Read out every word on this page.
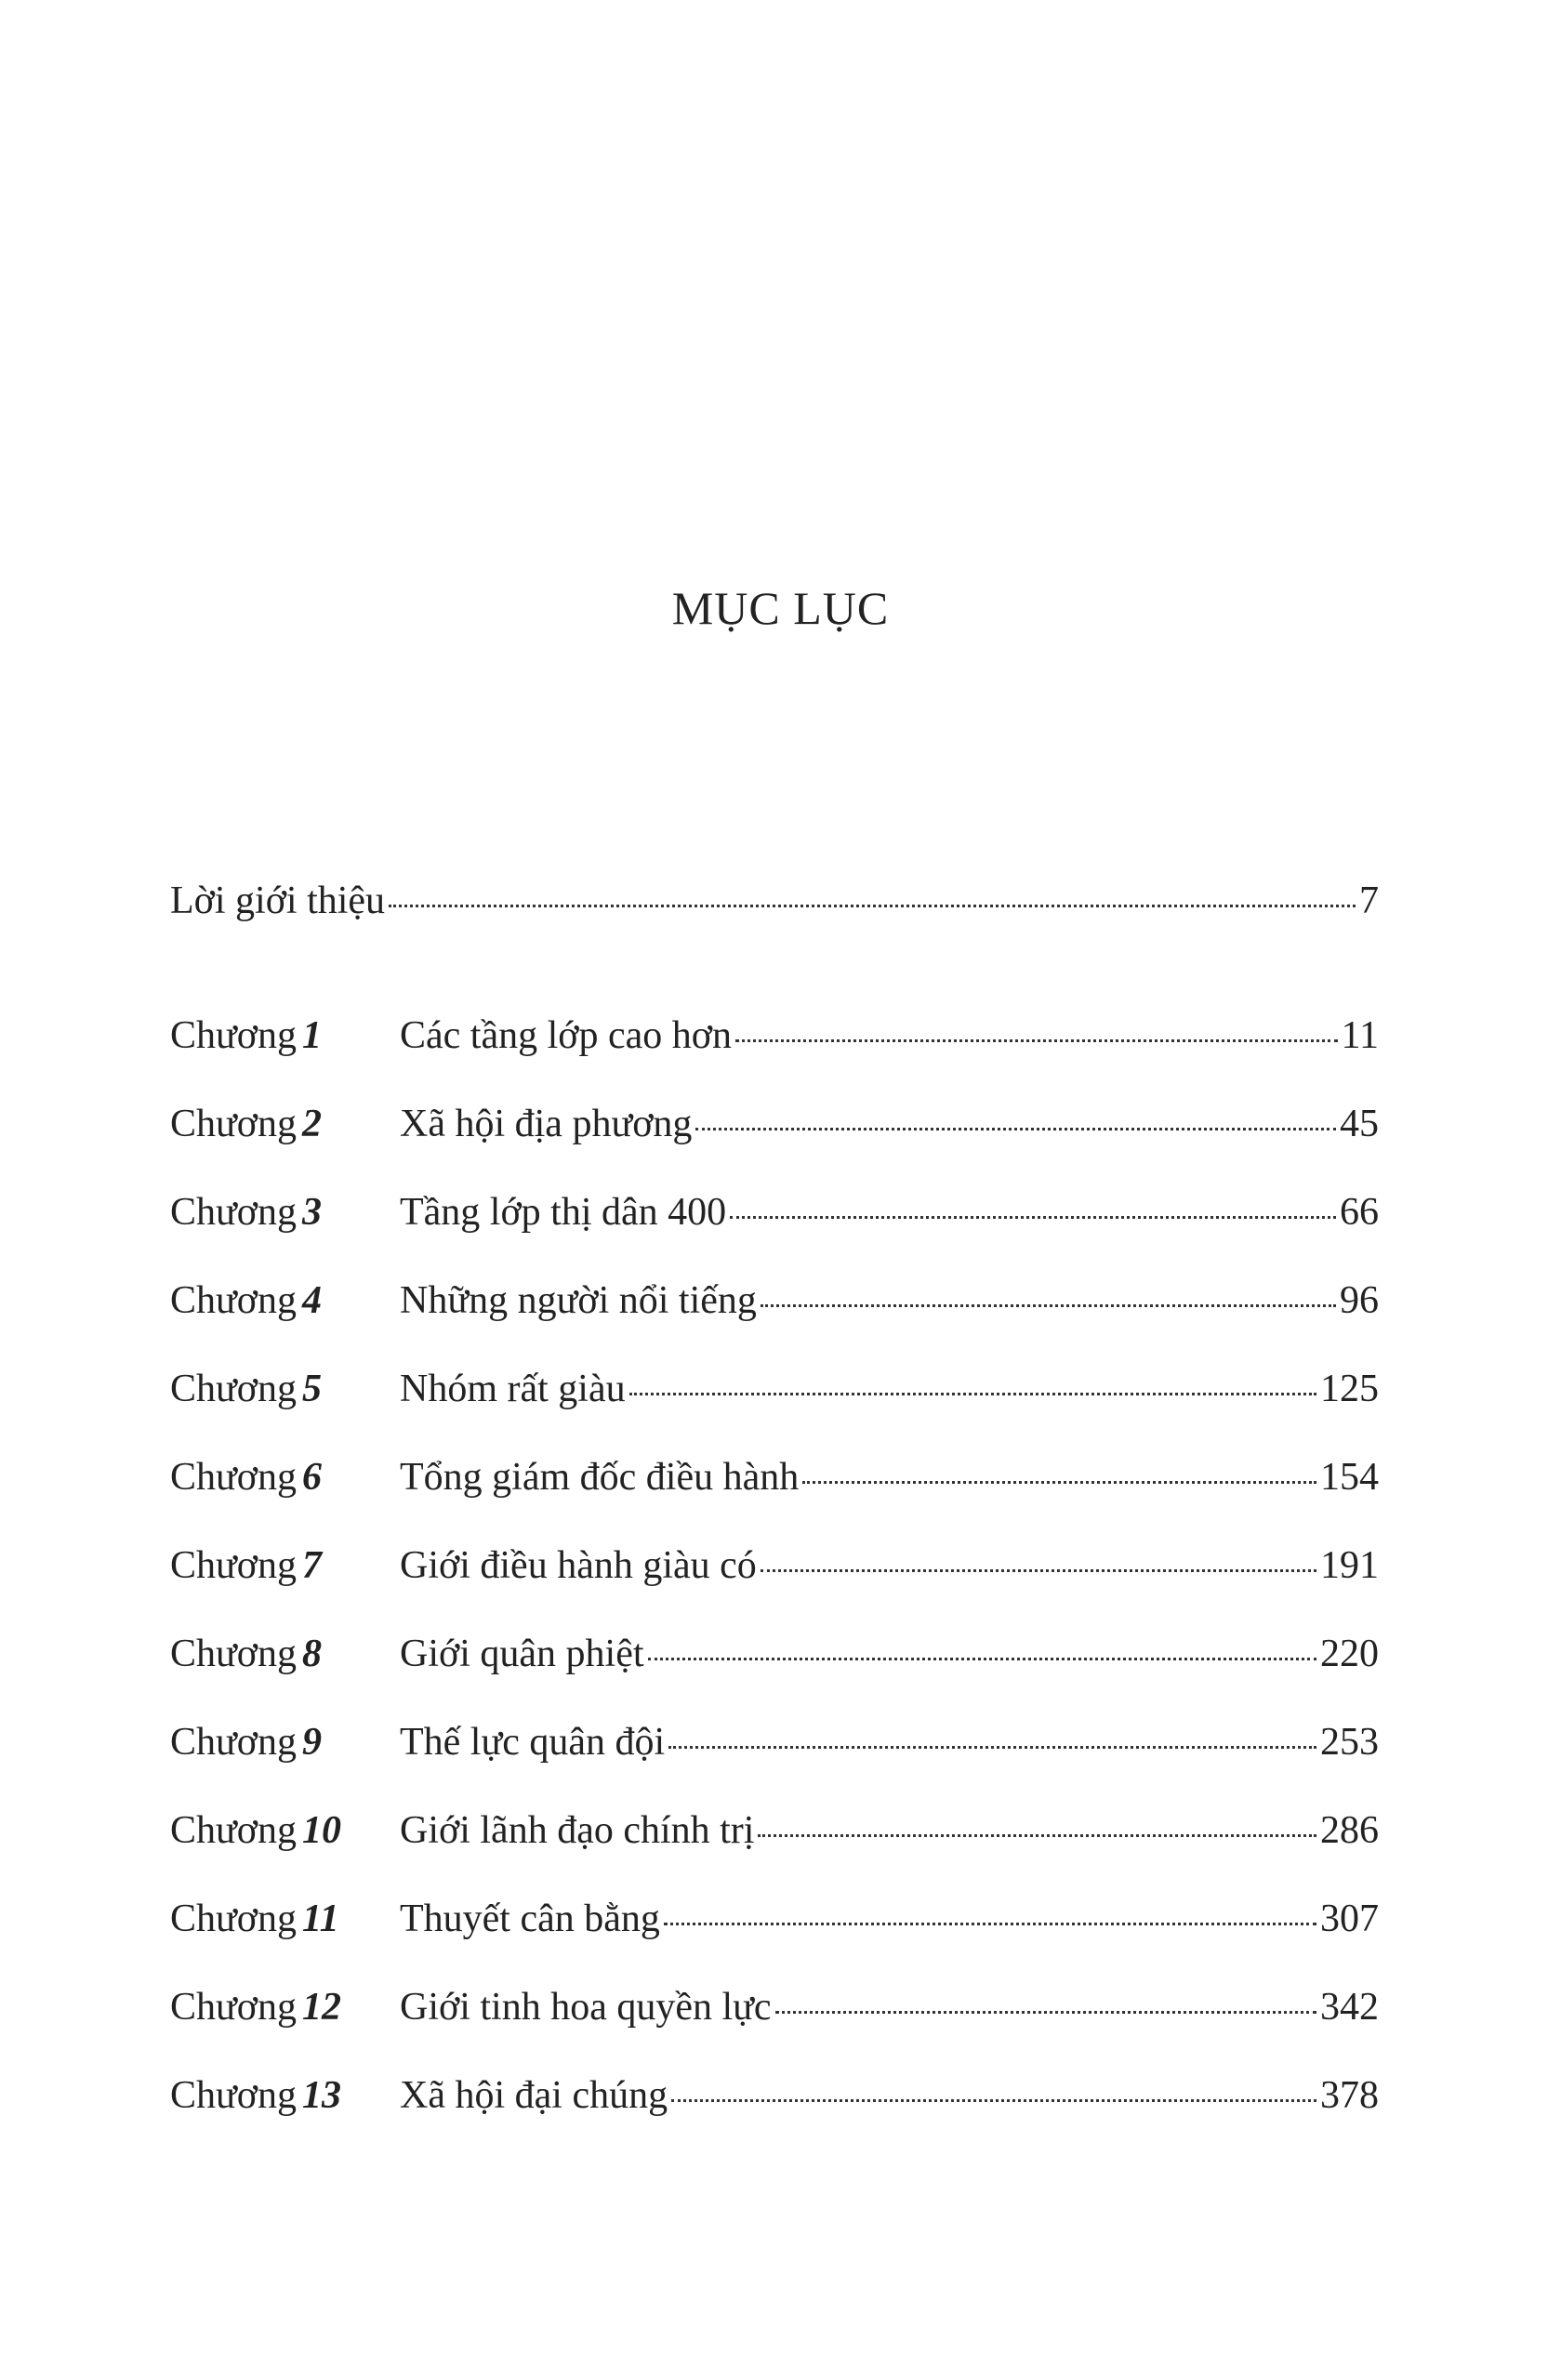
MỤC LỤC
Lời giới thiệu	7
Chương 1	Các tầng lớp cao hơn	11
Chương 2	Xã hội địa phương	45
Chương 3	Tầng lớp thị dân 400	66
Chương 4	Những người nổi tiếng	96
Chương 5	Nhóm rất giàu	125
Chương 6	Tổng giám đốc điều hành	154
Chương 7	Giới điều hành giàu có	191
Chương 8	Giới quân phiệt	220
Chương 9	Thế lực quân đội	253
Chương 10	Giới lãnh đạo chính trị	286
Chương 11	Thuyết cân bằng	307
Chương 12	Giới tinh hoa quyền lực	342
Chương 13	Xã hội đại chúng	378
